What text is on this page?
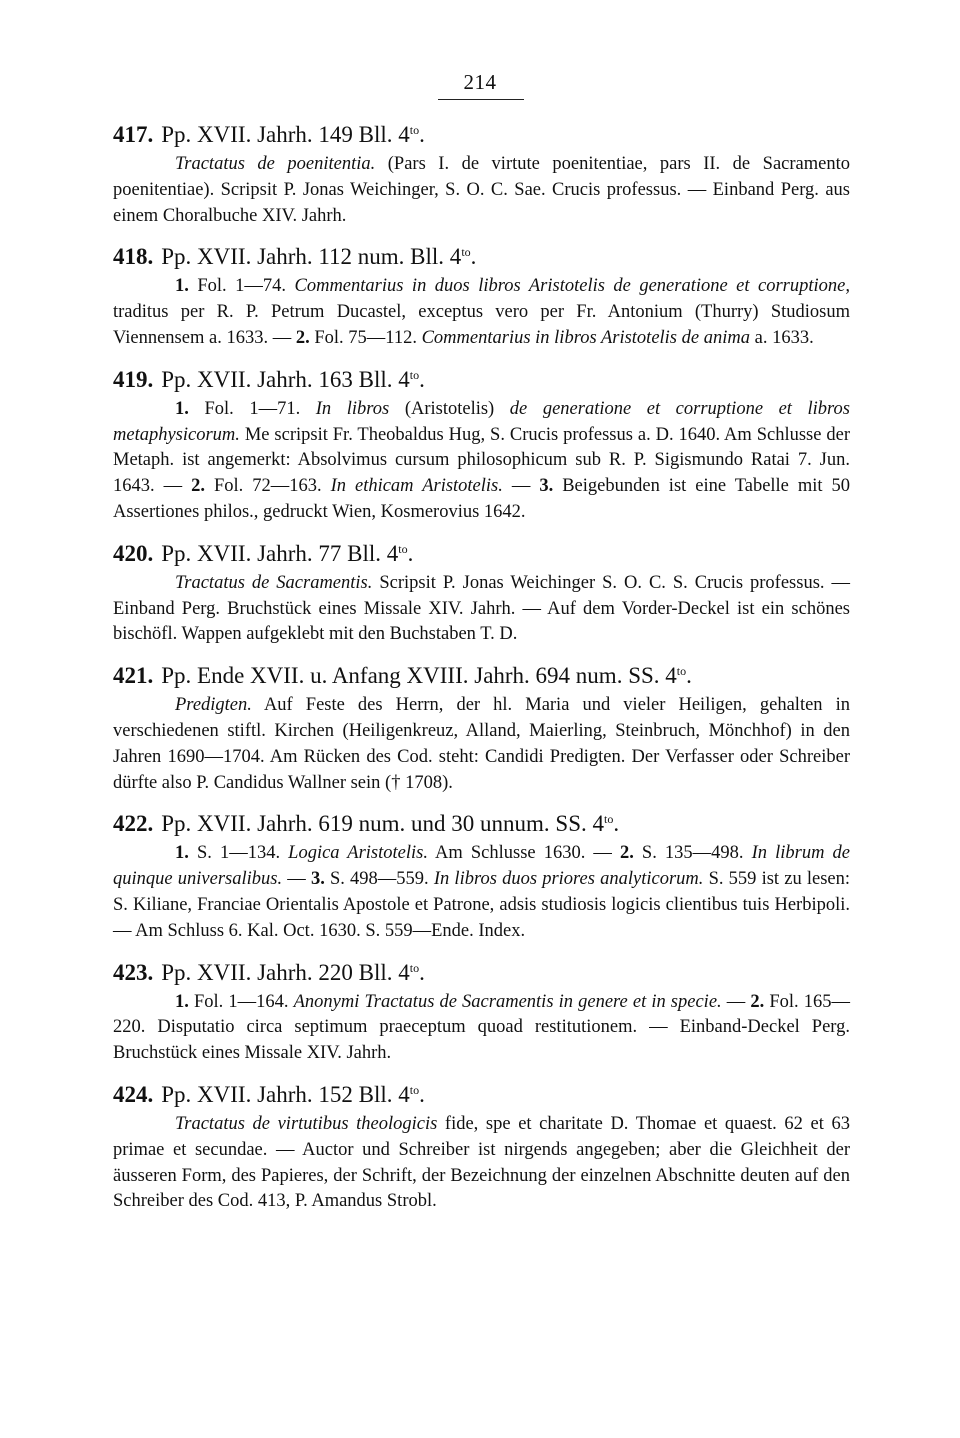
214
417. Pp. XVII. Jahrh. 149 Bll. $4^{to}$.
Tractatus de poenitentia. (Pars I. de virtute poenitentiae, pars II. de Sacramento poenitentiae). Scripsit P. Jonas Weichinger, S. O. C. Sae. Crucis professus. — Einband Perg. aus einem Choralbuche XIV. Jahrh.
418. Pp. XVII. Jahrh. 112 num. Bll. $4^{to}$.
1. Fol. 1—74. Commentarius in duos libros Aristotelis de generatione et corruptione, traditus per R. P. Petrum Ducastel, exceptus vero per Fr. Antonium (Thurry) Studiosum Viennensem a. 1633. — 2. Fol. 75—112. Commentarius in libros Aristotelis de anima a. 1633.
419. Pp. XVII. Jahrh. 163 Bll. $4^{to}$.
1. Fol. 1—71. In libros (Aristotelis) de generatione et corruptione et libros metaphysicorum. Me scripsit Fr. Theobaldus Hug, S. Crucis professus a. D. 1640. Am Schlusse der Metaph. ist angemerkt: Absolvimus cursum philosophicum sub R. P. Sigismundo Ratai 7. Jun. 1643. — 2. Fol. 72—163. In ethicam Aristotelis. — 3. Beigebunden ist eine Tabelle mit 50 Assertiones philos., gedruckt Wien, Kosmerovius 1642.
420. Pp. XVII. Jahrh. 77 Bll. $4^{to}$.
Tractatus de Sacramentis. Scripsit P. Jonas Weichinger S. O. C. S. Crucis professus. — Einband Perg. Bruchstück eines Missale XIV. Jahrh. — Auf dem Vorder-Deckel ist ein schönes bischöfl. Wappen aufgeklebt mit den Buchstaben T. D.
421. Pp. Ende XVII. u. Anfang XVIII. Jahrh. 694 num. SS. $4^{to}$.
Predigten. Auf Feste des Herrn, der hl. Maria und vieler Heiligen, gehalten in verschiedenen stiftl. Kirchen (Heiligenkreuz, Alland, Maierling, Steinbruch, Mönchhof) in den Jahren 1690—1704. Am Rücken des Cod. steht: Candidi Predigten. Der Verfasser oder Schreiber dürfte also P. Candidus Wallner sein († 1708).
422. Pp. XVII. Jahrh. 619 num. und 30 unnum. SS. $4^{to}$.
1. S. 1—134. Logica Aristotelis. Am Schlusse 1630. — 2. S. 135—498. In librum de quinque universalibus. — 3. S. 498—559. In libros duos priores analyticorum. S. 559 ist zu lesen: S. Kiliane, Franciae Orientalis Apostole et Patrone, adsis studiosis logicis clientibus tuis Herbipoli. — Am Schluss 6. Kal. Oct. 1630. S. 559—Ende. Index.
423. Pp. XVII. Jahrh. 220 Bll. $4^{to}$.
1. Fol. 1—164. Anonymi Tractatus de Sacramentis in genere et in specie. — 2. Fol. 165—220. Disputatio circa septimum praeceptum quoad restitutionem. — Einband-Deckel Perg. Bruchstück eines Missale XIV. Jahrh.
424. Pp. XVII. Jahrh. 152 Bll. $4^{to}$.
Tractatus de virtutibus theologicis fide, spe et charitate D. Thomae et quaest. 62 et 63 primae et secundae. — Auctor und Schreiber ist nirgends angegeben; aber die Gleichheit der äusseren Form, des Papieres, der Schrift, der Bezeichnung der einzelnen Abschnitte deuten auf den Schreiber des Cod. 413, P. Amandus Strobl.
